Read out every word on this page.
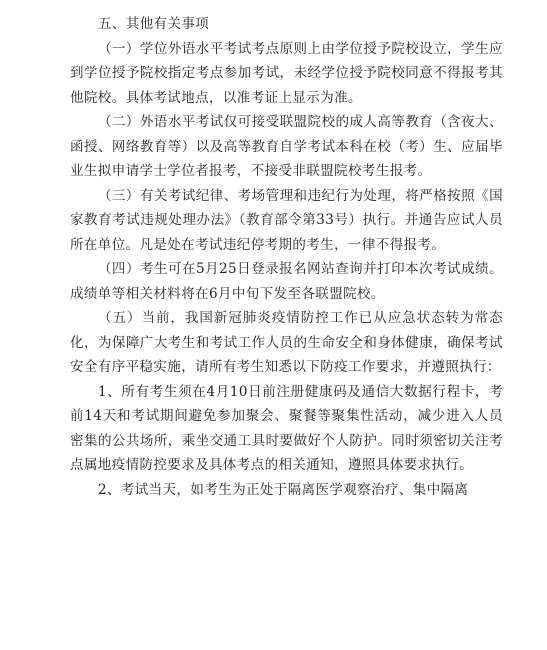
五、其他有关事项

（一）学位外语水平考试考点原则上由学位授予院校设立，学生应到学位授予院校指定考点参加考试，未经学位授予院校同意不得报考其他院校。具体考试地点，以准考证上显示为准。

（二）外语水平考试仅可接受联盟院校的成人高等教育（含夜大、函授、网络教育等）以及高等教育自学考试本科在校（考）生、应届毕业生拟申请学士学位者报考，不接受非联盟院校考生报考。

（三）有关考试纪律、考场管理和违纪行为处理，将严格按照《国家教育考试违规处理办法》（教育部令第33号）执行。并通告应试人员所在单位。凡是处在考试违纪停考期的考生，一律不得报考。

（四）考生可在5月25日登录报名网站查询并打印本次考试成绩。成绩单等相关材料将在6月中旬下发至各联盟院校。

（五）当前，我国新冠肺炎疫情防控工作已从应急状态转为常态化，为保障广大考生和考试工作人员的生命安全和身体健康，确保考试安全有序平稳实施，请所有考生知悉以下防疫工作要求，并遵照执行：

1、所有考生须在4月10日前注册健康码及通信大数据行程卡，考前14天和考试期间避免参加聚会、聚餐等聚集性活动，减少进入人员密集的公共场所，乘坐交通工具时要做好个人防护。同时须密切关注考点属地疫情防控要求及具体考点的相关通知，遵照具体要求执行。

2、考试当天，如考生为正处于隔离医学观察治疗、集中隔离
